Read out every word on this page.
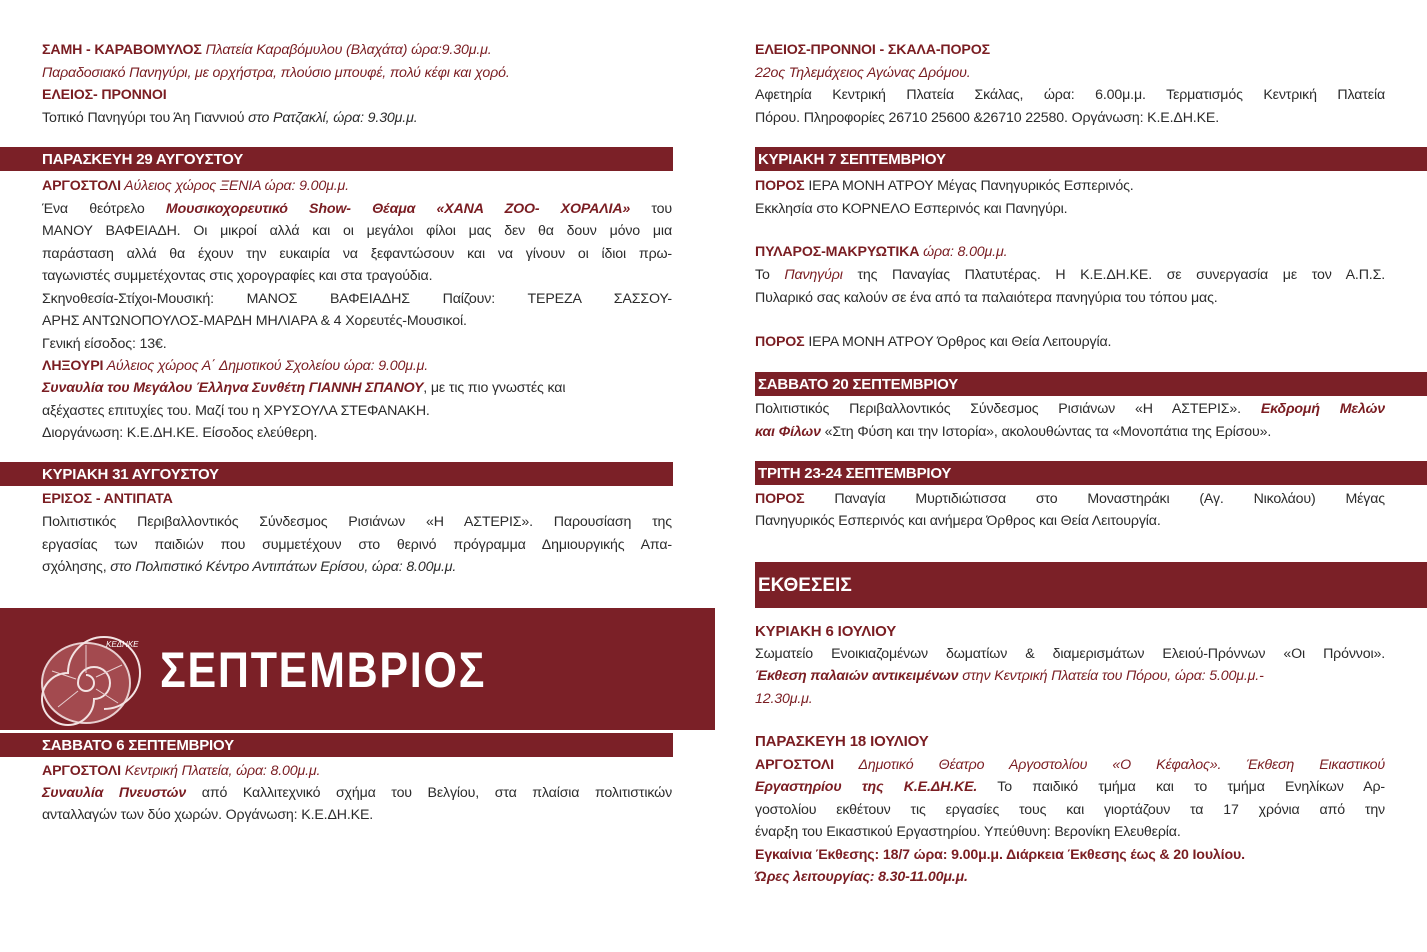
ΣΑΜΗ - ΚΑΡΑΒΟΜΥΛΟΣ Πλατεία Καραβόμυλου (Βλαχάτα) ώρα:9.30μ.μ.
Παραδοσιακό Πανηγύρι, με ορχήστρα, πλούσιο μπουφέ, πολύ κέφι και χορό.
ΕΛΕΙΟΣ- ΠΡΟΝΝΟΙ
Τοπικό Πανηγύρι του Άη Γιαννιού στο Ρατζακλί, ώρα: 9.30μ.μ.
ΠΑΡΑΣΚΕΥΗ 29 ΑΥΓΟΥΣΤΟΥ
ΑΡΓΟΣΤΟΛΙ Αύλειος χώρος ΞΕΝΙΑ ώρα: 9.00μ.μ.
Ένα θεότρελο Μουσικοχορευτικό Show- Θέαμα «ΧΑΝΑ ΖΟΟ- ΧΟΡΑΛΙΑ» του
ΜΑΝΟΥ ΒΑΦΕΙΑΔΗ. Οι μικροί αλλά και οι μεγάλοι φίλοι μας δεν θα δουν μόνο μια
παράσταση αλλά θα έχουν την ευκαιρία να ξεφαντώσουν και να γίνουν οι ίδιοι πρω-
ταγωνιστές συμμετέχοντας στις χορογραφίες και στα τραγούδια.
Σκηνοθεσία-Στίχοι-Μουσική: ΜΑΝΟΣ ΒΑΦΕΙΑΔΗΣ Παίζουν: ΤΕΡΕΖΑ ΣΑΣΣΟΥ-
ΑΡΗΣ ΑΝΤΩΝΟΠΟΥΛΟΣ-ΜΑΡΔΗ ΜΗΛΙΑΡΑ & 4 Χορευτές-Μουσικοί.
Γενική είσοδος: 13€.
ΛΗΞΟΥΡΙ Αύλειος χώρος Α΄ Δημοτικού Σχολείου ώρα: 9.00μ.μ.
Συναυλία του Μεγάλου Έλληνα Συνθέτη ΓΙΑΝΝΗ ΣΠΑΝΟΥ, με τις πιο γνωστές και
αξέχαστες επιτυχίες του. Μαζί του η ΧΡΥΣΟΥΛΑ ΣΤΕΦΑΝΑΚΗ.
Διοργάνωση: Κ.Ε.ΔΗ.ΚΕ. Είσοδος ελεύθερη.
ΚΥΡΙΑΚΗ 31 ΑΥΓΟΥΣΤΟΥ
ΕΡΙΣΟΣ - ΑΝΤΙΠΑΤΑ
Πολιτιστικός Περιβαλλοντικός Σύνδεσμος Ρισιάνων «Η ΑΣΤΕΡΙΣ». Παρουσίαση της
εργασίας των παιδιών που συμμετέχουν στο θερινό πρόγραμμα Δημιουργικής Απα-
σχόλησης, στο Πολιτιστικό Κέντρο Αντιπάτων Ερίσου, ώρα: 8.00μ.μ.
ΚΕΔΗΚΕ ΣΕΠΤΕΜΒΡΙΟΣ
ΣΑΒΒΑΤΟ 6 ΣΕΠΤΕΜΒΡΙΟΥ
ΑΡΓΟΣΤΟΛΙ Κεντρική Πλατεία, ώρα: 8.00μ.μ.
Συναυλία Πνευστών από Καλλιτεχνικό σχήμα του Βελγίου, στα πλαίσια πολιτιστικών
ανταλλαγών των δύο χωρών. Οργάνωση: Κ.Ε.ΔΗ.ΚΕ.
ΕΛΕΙΟΣ-ΠΡΟΝΝΟΙ - ΣΚΑΛΑ-ΠΟΡΟΣ
22ος Τηλεμάχειος Αγώνας Δρόμου.
Αφετηρία Κεντρική Πλατεία Σκάλας, ώρα: 6.00μ.μ. Τερματισμός Κεντρική Πλατεία
Πόρου. Πληροφορίες 26710 25600 &26710 22580. Οργάνωση: Κ.Ε.ΔΗ.ΚΕ.
ΚΥΡΙΑΚΗ 7 ΣΕΠΤΕΜΒΡΙΟΥ
ΠΟΡΟΣ ΙΕΡΑ ΜΟΝΗ ΑΤΡΟΥ Μέγας Πανηγυρικός Εσπερινός.
Εκκλησία στο ΚΟΡΝΕΛΟ Εσπερινός και Πανηγύρι.
ΠΥΛΑΡΟΣ-ΜΑΚΡΥΩΤΙΚΑ ώρα: 8.00μ.μ.
Το Πανηγύρι της Παναγίας Πλατυτέρας. Η Κ.Ε.ΔΗ.ΚΕ. σε συνεργασία με τον Α.Π.Σ.
Πυλαρικό σας καλούν σε ένα από τα παλαιότερα πανηγύρια του τόπου μας.
ΠΟΡΟΣ ΙΕΡΑ ΜΟΝΗ ΑΤΡΟΥ Όρθρος και Θεία Λειτουργία.
ΣΑΒΒΑΤΟ 20 ΣΕΠΤΕΜΒΡΙΟΥ
Πολιτιστικός Περιβαλλοντικός Σύνδεσμος Ρισιάνων «Η ΑΣΤΕΡΙΣ». Εκδρομή Μελών
και Φίλων «Στη Φύση και την Ιστορία», ακολουθώντας τα «Μονοπάτια της Ερίσου».
ΤΡΙΤΗ 23-24 ΣΕΠΤΕΜΒΡΙΟΥ
ΠΟΡΟΣ Παναγία Μυρτιδιώτισσα στο Μοναστηράκι (Αγ. Νικολάου) Μέγας
Πανηγυρικός Εσπερινός και ανήμερα Όρθρος και Θεία Λειτουργία.
ΕΚΘΕΣΕΙΣ
ΚΥΡΙΑΚΗ 6 ΙΟΥΛΙΟΥ
Σωματείο Ενοικιαζομένων δωματίων & διαμερισμάτων Ελειού-Πρόννων «Οι Πρόννοι».
Έκθεση παλαιών αντικειμένων στην Κεντρική Πλατεία του Πόρου, ώρα: 5.00μ.μ.-
12.30μ.μ.
ΠΑΡΑΣΚΕΥΗ 18 ΙΟΥΛΙΟΥ
ΑΡΓΟΣΤΟΛΙ Δημοτικό Θέατρο Αργοστολίου «Ο Κέφαλος». Έκθεση Εικαστικού
Εργαστηρίου της Κ.Ε.ΔΗ.ΚΕ. Το παιδικό τμήμα και το τμήμα Ενηλίκων Αρ-
γοστολίου εκθέτουν τις εργασίες τους και γιορτάζουν τα 17 χρόνια από την
έναρξη του Εικαστικού Εργαστηρίου. Υπεύθυνη: Βερονίκη Ελευθερία.
Εγκαίνια Έκθεσης: 18/7 ώρα: 9.00μ.μ. Διάρκεια Έκθεσης έως & 20 Ιουλίου.
Ώρες λειτουργίας: 8.30-11.00μ.μ.
